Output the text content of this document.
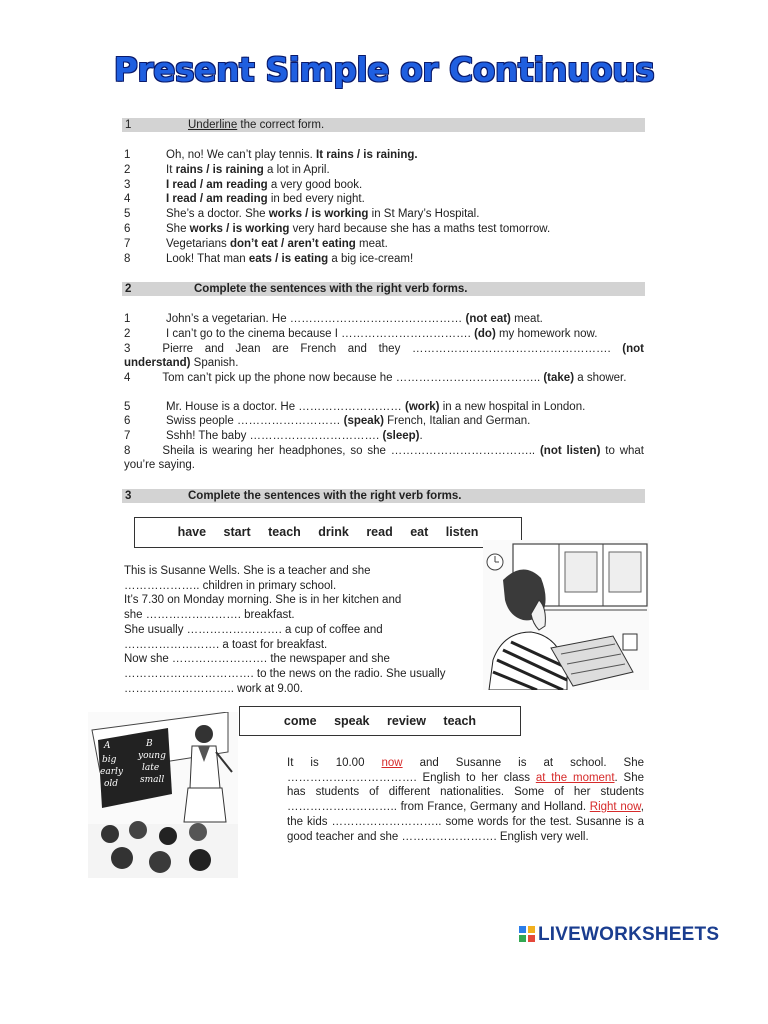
Present Simple or Continuous
1	Underline the correct form.
1	Oh, no! We can’t play tennis. It rains / is raining.
2	It rains / is raining a lot in April.
3	I read / am reading a very good book.
4	I read / am reading in bed every night.
5	She’s a doctor. She works / is working in St Mary’s Hospital.
6	She works / is working very hard because she has a maths test tomorrow.
7	Vegetarians don’t eat / aren’t eating meat.
8	Look! That man eats / is eating a big ice-cream!
2	Complete the sentences with the right verb forms.
1	John’s a vegetarian. He ……………………………………… (not eat) meat.
2	I can’t go to the cinema because I ……………………………. (do) my homework now.
3	Pierre and Jean are French and they ……………………………………………. (not understand) Spanish.
4	Tom can’t pick up the phone now because he ……………………………….. (take) a shower.
5	Mr. House is a doctor. He ……………………… (work) in a new hospital in London.
6	Swiss people ……………………… (speak) French, Italian and German.
7	Sshh! The baby ……………………………. (sleep).
8	Sheila is wearing her headphones, so she ……………………………….. (not listen) to what you’re saying.
3	Complete the sentences with the right verb forms.
have start teach drink read eat listen
This is Susanne Wells. She is a teacher and she
……………….. children in primary school.
It’s 7.30 on Monday morning. She is in her kitchen and
she ……………………. breakfast.
She usually ……………………. a cup of coffee and
……………………. a toast for breakfast.
Now she ……………………. the newspaper and she
……………………………. to the news on the radio. She usually
……………………….. work at 9.00.
come speak review teach
A
big
early
old
B
young
late
small
It is 10.00 now and Susanne is at school. She ……………………………. English to her class at the moment. She has students of different nationalities. Some of her students ……………………….. from France, Germany and Holland. Right now, the kids ……………………….. some words for the test. Susanne is a good teacher and she ……………………. English very well.
LIVEWORKSHEETS
